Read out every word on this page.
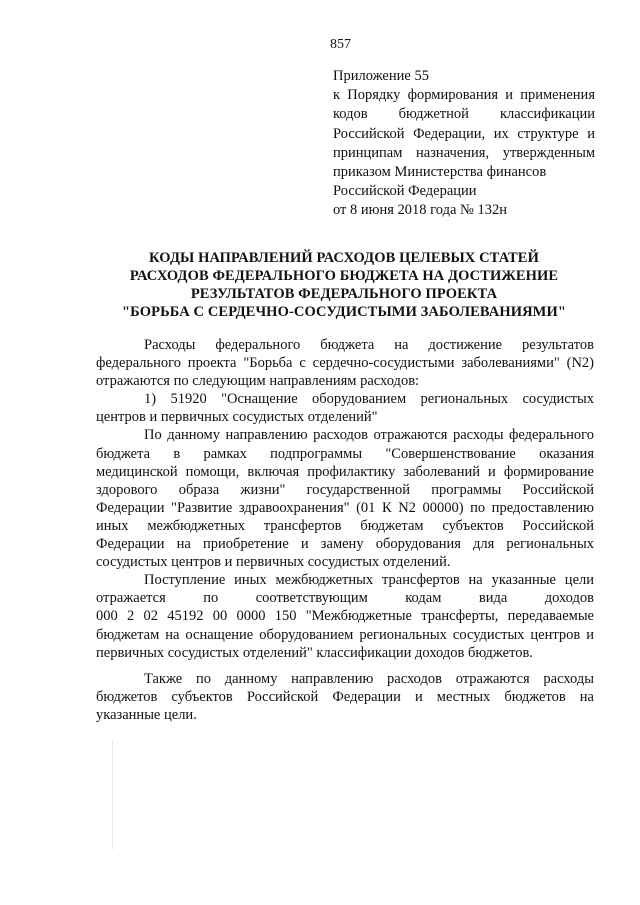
857
Приложение 55
к Порядку формирования и применения
кодов бюджетной классификации
Российской Федерации, их структуре и
принципам назначения, утвержденным
приказом Министерства финансов
Российской Федерации
от 8 июня 2018 года № 132н
КОДЫ НАПРАВЛЕНИЙ РАСХОДОВ ЦЕЛЕВЫХ СТАТЕЙ
РАСХОДОВ ФЕДЕРАЛЬНОГО БЮДЖЕТА НА ДОСТИЖЕНИЕ
РЕЗУЛЬТАТОВ ФЕДЕРАЛЬНОГО ПРОЕКТА
"БОРЬБА С СЕРДЕЧНО-СОСУДИСТЫМИ ЗАБОЛЕВАНИЯМИ"
Расходы федерального бюджета на достижение результатов
федерального проекта "Борьба с сердечно-сосудистыми заболеваниями" (N2)
отражаются по следующим направлениям расходов:
1) 51920 "Оснащение оборудованием региональных сосудистых
центров и первичных сосудистых отделений"
По данному направлению расходов отражаются расходы федерального
бюджета в рамках подпрограммы "Совершенствование оказания
медицинской помощи, включая профилактику заболеваний и формирование
здорового образа жизни" государственной программы Российской
Федерации "Развитие здравоохранения" (01 К N2 00000) по предоставлению
иных межбюджетных трансфертов бюджетам субъектов Российской
Федерации на приобретение и замену оборудования для региональных
сосудистых центров и первичных сосудистых отделений.
Поступление иных межбюджетных трансфертов на указанные цели
отражается по соответствующим кодам вида доходов
000 2 02 45192 00 0000 150 "Межбюджетные трансферты, передаваемые
бюджетам на оснащение оборудованием региональных сосудистых центров и
первичных сосудистых отделений" классификации доходов бюджетов.
Также по данному направлению расходов отражаются расходы
бюджетов субъектов Российской Федерации и местных бюджетов на
указанные цели.
